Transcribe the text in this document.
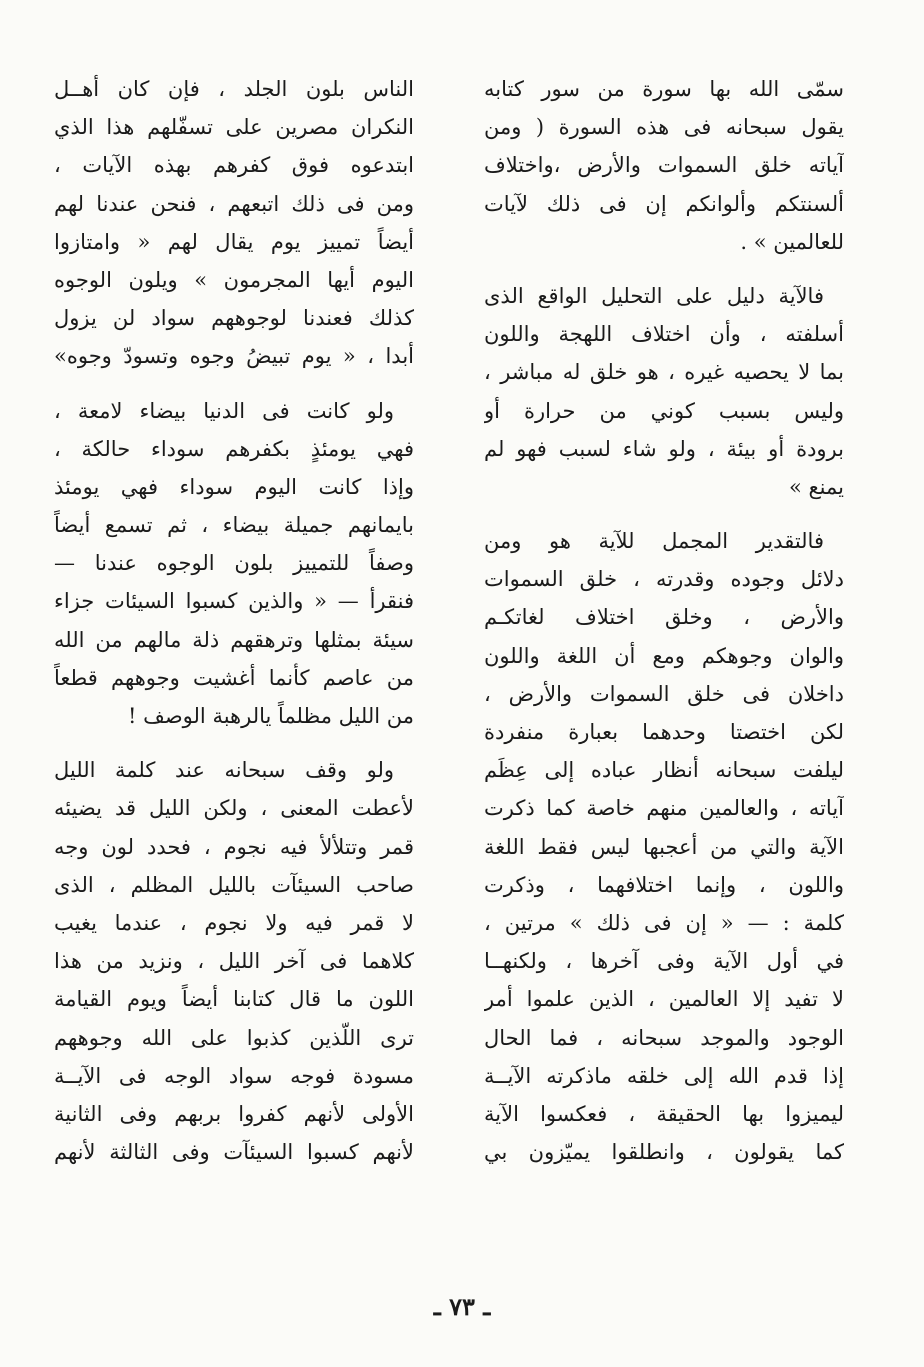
سمّى الله بها سورة من سور كتابه
يقول سبحانه فى هذه السورة ( ومن
آياته خلق السموات والأرض ،واختلاف
ألسنتكم وألوانكم إن فى ذلك لآيات
للعالمين » .
فالآية دليل على التحليل الواقع الذى
أسلفته ، وأن اختلاف اللهجة واللون
بما لا يحصيه غيره ، هو خلق له مباشر ،
وليس بسبب كوني من حرارة أو
برودة أو بيئة ، ولو شاء لسبب فهو لم
يمنع »
فالتقدير المجمل للآية هو ومن
دلائل وجوده وقدرته ، خلق السموات
والأرض ، وخلق اختلاف لغاتكـم
والوان وجوهكم ومع أن اللغة واللون
داخلان فى خلق السموات والأرض ،
لكن اختصتا وحدهما بعبارة منفردة
ليلفت سبحانه أنظار عباده إلى عِظَم
آياته ، والعالمين منهم خاصة كما ذكرت
الآية والتي من أعجبها ليس فقط اللغة
واللون ، وإنما اختلافهما ، وذكرت
كلمة : — « إن فى ذلك » مرتين ،
في أول الآية وفى آخرها ، ولكنهــا
لا تفيد إلا العالمين ، الذين علموا أمر
الوجود والموجد سبحانه ، فما الحال
إذا قدم الله إلى خلقه ماذكرته الآيــة
ليميزوا بها الحقيقة ، فعكسوا الآية
كما يقولون ، وانطلقوا يميّزون بي
الناس بلون الجلد ، فإن كان أهــل
النكران مصرين على تسفّلهم هذا الذي
ابتدعوه فوق كفرهم بهذه الآيات ،
ومن فى ذلك اتبعهم ، فنحن عندنا لهم
أيضاً تمييز يوم يقال لهم « وامتازوا
اليوم أيها المجرمون » ويلون الوجوه
كذلك فعندنا لوجوههم سواد لن يزول
أبدا ، « يوم تبيضُ وجوه وتسودّ وجوه»
ولو كانت فى الدنيا بيضاء لامعة ،
فهي يومئذٍ بكفرهم سوداء حالكة ،
وإذا كانت اليوم سوداء فهي يومئذ
بايمانهم جميلة بيضاء ، ثم تسمع أيضاً
وصفاً للتمييز بلون الوجوه عندنا —
فنقرأ — « والذين كسبوا السيئات جزاء
سيئة بمثلها وترهقهم ذلة مالهم من الله
من عاصم كأنما أغشيت وجوههم قطعاً
من الليل مظلماً يالرهبة الوصف !
ولو وقف سبحانه عند كلمة الليل
لأعطت المعنى ، ولكن الليل قد يضيئه
قمر وتتلألأ فيه نجوم ، فحدد لون وجه
صاحب السيئآت بالليل المظلم ، الذى
لا قمر فيه ولا نجوم ، عندما يغيب
كلاهما فى آخر الليل ، ونزيد من هذا
اللون ما قال كتابنا أيضاً ويوم القيامة
ترى اللّذين كذبوا على الله وجوههم
مسودة فوجه سواد الوجه فى الآيــة
الأولى لأنهم كفروا بربهم وفى الثانية
لأنهم كسبوا السيئآت وفى الثالثة لأنهم
ـ ٧٣ ـ
